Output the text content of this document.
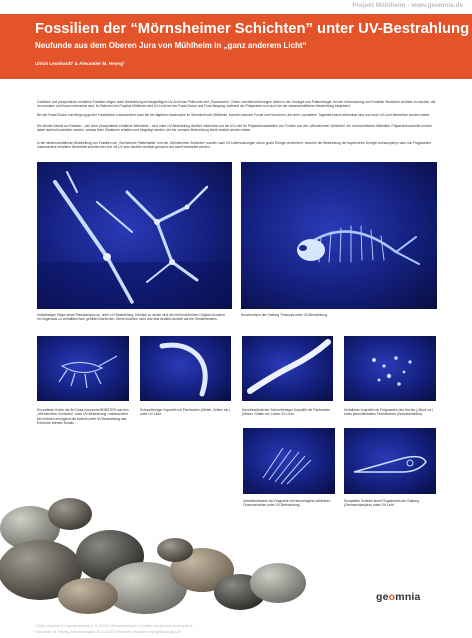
Projekt Mühlheim - www.geomnia.de
Fossilien der “Mörnsheimer Schichten” unter UV-Bestrahlung
Neufunde aus dem Oberen Jura von Mühlheim in „ganz anderem Licht“
Ulrich Leonhardt¹ & Alexander M. Heyng²

Calcitisch und phosphatisch erhaltene Fossilien zeigen unter Bestrahlung mit langwelligem UV-Licht das Phänomen der „Fluoreszenz“. Diese Leuchterscheinungen helfen in der Geologie und Paläontologie, bei der Untersuchung von Fossilien Strukturen sichtbar zu machen, die im normalen Licht kaum erkennbar sind. Im Rahmen des Projekts Mühlheim wird UV-Licht bei der Fossil-Suche und Fund-Bergung, während der Präparation und auch bei der wissenschaftlichen Bearbeitung eingesetzt.

Bei der Fossil-Suche und Bergung großer Fundstücke, insbesondere auch bei der täglichen Nachsuche im Sammlerbruch Mühlheim, konnten dadurch Funde zum Vorschein, die unter „normalem“ Tageslicht kaum erkennbar sind und ohne UV-Licht übersehen worden wären.

Die feinste Details an Fossilien – wie ohne phosphatisch erhaltene Weichteile – sind unter UV-Bestrahlung deutlich erkennbar und als UV-Licht für Präparationsarbeiten von Funden aus den „Mörnsheimer Schichten“ ein unverzichtbares Hilfsmittel. Präparationsschritte können dabei laufend kontrolliert werden, sodass feine Strukturen erhalten und freigelegt werden, die bei normaler Beleuchtung leicht zerstört worden wären.

In der wissenschaftlichen Bearbeitung von Fossilien der „Solnhofener Plattenkalke“ und der „Mörnsheimer Schichten“ wurden nach UV-Untersuchungen schon große Erfolge verzeichnet, etwa bei der Bearbeitung der bayerischen Urvögel Archaeopteryx oder von Flugsauriern. Insbesondere erhaltene Weichteile konnten hier erst mit UV sehr deutlich sichtbar gemacht und somit bearbeitet werden.

Vollständiger Flügel eines Pterodactylus sp. unter UV-Bestrahlung. Deutlich zu sehen sind die hell leuchtenden Original-Knochen im Gegensatz zu verkalkten bzw. gefüllten Bereichen. Diese leuchten nicht und sind deutlich dunkler als die Gesteinsmatrix.
Knochenfisch der Gattung Thrissops unter UV-Bestrahlung.
Ein seltener Krebs der Art Dusa monocera MÜNSTER aus den „Mörnsheimer Schichten“ unter UV-Bestrahlung. Insbesondere bei Krebsen ermöglicht die Ansicht unter UV-Bestrahlung das Erkennen feinster Details.
Schnurförmiger Koprolith mit Fischresten (Wirbel, Gräten etc.) unter UV-Licht.
Dendritusähnlicher Schnurförmiger Koprolith mit Fischresten (Wirbel, Gräten etc.) unter UV-Licht.
Zerfallener Koprolith mit Fragmenten des Hechts („Stück ca.) eines pleuroleistoiden Tinteniisches (Vexsiciantoidea).
Unbestimmbares Isu-Fragment mit hervorragend sichtbaren Flossenstrahlen unter UV-Beleuchtung.
Kompletter Schädel eines Flugsauriers der Gattung (Germanodactylus) unter UV-Licht.
geomnia
¹ Ulrich Leonhardt, Kapellenstrasse 2, D-97199 Oberreichenbach; Kontakt: info@ulrich-leonhardt.de
² Alexander M. Heyng, Anemonstrasse 26, D-81371 München; Kontakt: heyng@umb-geo.de
